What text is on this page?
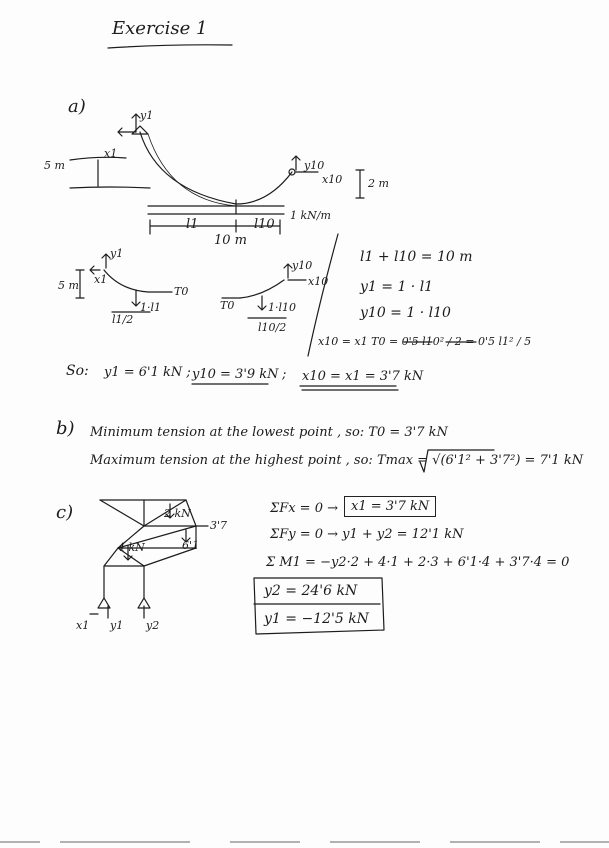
Exercise 1
a)
5 m
y1
x1
y10
x10 2 m
1 kN/m
l1	l10
10 m
5 m
y1
x1
T0
l1/2
1·l1
y10
x10
T0
l10/2
1·l10
l1 + l10 = 10 m
y1 = 1 · l1
y10 = 1 · l10
x10 = x1 T0 = 0'5 l10² / 2 = 0'5 l1² / 5
So: y1 = 6'1 kN ; y10 = 3'9 kN ; x10 = x1 = 3'7 kN
b) Minimum tension at the lowest point , so: T0 = 3'7 kN
Maximum tension at the highest point , so: Tmax = √(6'1² + 3'7²) = 7'1 kN
c)	2 kN
3'7
6'1
4 kN
x1 y1 y2
ΣFx = 0 →	x1 = 3'7 kN
ΣFy = 0 → y1 + y2 = 12'1 kN
Σ M1 = −y2·2 + 4·1 + 2·3 + 6'1·4 + 3'7·4 = 0
y2 = 24'6 kN
y1 = −12'5 kN
